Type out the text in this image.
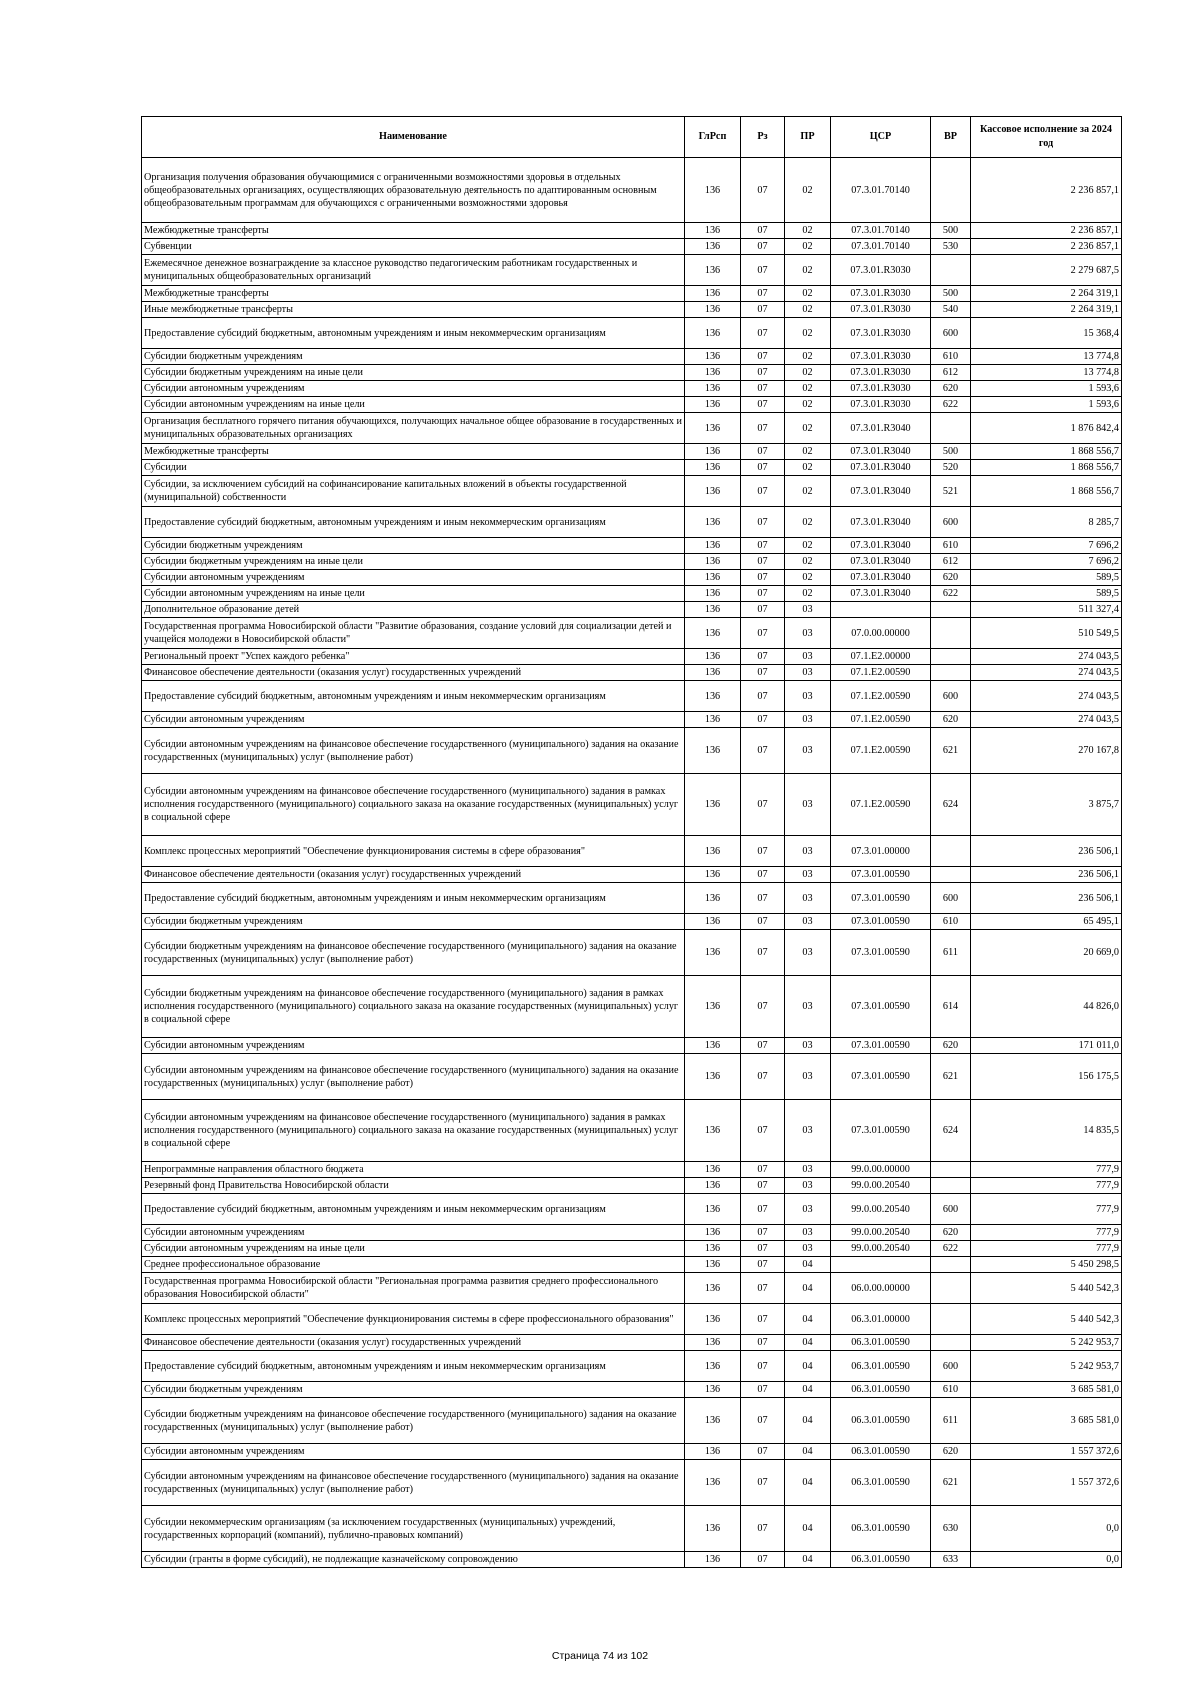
Наименование	ГлРсп	Рз	ПР	ЦСР	ВР	Кассовое исполнение за 2024 год
Организация получения образования обучающимися с ограниченными возможностями здоровья в отдельных общеобразовательных организациях, осуществляющих образовательную деятельность по адаптированным основным общеобразовательным программам для обучающихся с ограниченными возможностями здоровья	136	07	02	07.3.01.70140		2 236 857,1
Межбюджетные трансферты	136	07	02	07.3.01.70140	500	2 236 857,1
Субвенции	136	07	02	07.3.01.70140	530	2 236 857,1
Ежемесячное денежное вознаграждение за классное руководство педагогическим работникам государственных и муниципальных общеобразовательных организаций	136	07	02	07.3.01.R3030		2 279 687,5
Межбюджетные трансферты	136	07	02	07.3.01.R3030	500	2 264 319,1
Иные межбюджетные трансферты	136	07	02	07.3.01.R3030	540	2 264 319,1
Предоставление субсидий бюджетным, автономным учреждениям и иным некоммерческим организациям	136	07	02	07.3.01.R3030	600	15 368,4
Субсидии бюджетным учреждениям	136	07	02	07.3.01.R3030	610	13 774,8
Субсидии бюджетным учреждениям на иные цели	136	07	02	07.3.01.R3030	612	13 774,8
Субсидии автономным учреждениям	136	07	02	07.3.01.R3030	620	1 593,6
Субсидии автономным учреждениям на иные цели	136	07	02	07.3.01.R3030	622	1 593,6
Организация бесплатного горячего питания обучающихся, получающих начальное общее образование в государственных и муниципальных образовательных организациях	136	07	02	07.3.01.R3040		1 876 842,4
Межбюджетные трансферты	136	07	02	07.3.01.R3040	500	1 868 556,7
Субсидии	136	07	02	07.3.01.R3040	520	1 868 556,7
Субсидии, за исключением субсидий на софинансирование капитальных вложений в объекты государственной (муниципальной) собственности	136	07	02	07.3.01.R3040	521	1 868 556,7
Предоставление субсидий бюджетным, автономным учреждениям и иным некоммерческим организациям	136	07	02	07.3.01.R3040	600	8 285,7
Субсидии бюджетным учреждениям	136	07	02	07.3.01.R3040	610	7 696,2
Субсидии бюджетным учреждениям на иные цели	136	07	02	07.3.01.R3040	612	7 696,2
Субсидии автономным учреждениям	136	07	02	07.3.01.R3040	620	589,5
Субсидии автономным учреждениям на иные цели	136	07	02	07.3.01.R3040	622	589,5
Дополнительное образование детей	136	07	03			511 327,4
Государственная программа Новосибирской области "Развитие образования, создание условий для социализации детей и учащейся молодежи в Новосибирской области"	136	07	03	07.0.00.00000		510 549,5
Региональный проект "Успех каждого ребенка"	136	07	03	07.1.E2.00000		274 043,5
Финансовое обеспечение деятельности (оказания услуг) государственных учреждений	136	07	03	07.1.E2.00590		274 043,5
Предоставление субсидий бюджетным, автономным учреждениям и иным некоммерческим организациям	136	07	03	07.1.E2.00590	600	274 043,5
Субсидии автономным учреждениям	136	07	03	07.1.E2.00590	620	274 043,5
Субсидии автономным учреждениям на финансовое обеспечение государственного (муниципального) задания на оказание государственных (муниципальных) услуг (выполнение работ)	136	07	03	07.1.E2.00590	621	270 167,8
Субсидии автономным учреждениям на финансовое обеспечение государственного (муниципального) задания в рамках исполнения государственного (муниципального) социального заказа на оказание государственных (муниципальных) услуг в социальной сфере	136	07	03	07.1.E2.00590	624	3 875,7
Комплекс процессных мероприятий "Обеспечение функционирования системы в сфере образования"	136	07	03	07.3.01.00000		236 506,1
Финансовое обеспечение деятельности (оказания услуг) государственных учреждений	136	07	03	07.3.01.00590		236 506,1
Предоставление субсидий бюджетным, автономным учреждениям и иным некоммерческим организациям	136	07	03	07.3.01.00590	600	236 506,1
Субсидии бюджетным учреждениям	136	07	03	07.3.01.00590	610	65 495,1
Субсидии бюджетным учреждениям на финансовое обеспечение государственного (муниципального) задания на оказание государственных (муниципальных) услуг (выполнение работ)	136	07	03	07.3.01.00590	611	20 669,0
Субсидии бюджетным учреждениям на финансовое обеспечение государственного (муниципального) задания в рамках исполнения государственного (муниципального) социального заказа на оказание государственных (муниципальных) услуг в социальной сфере	136	07	03	07.3.01.00590	614	44 826,0
Субсидии автономным учреждениям	136	07	03	07.3.01.00590	620	171 011,0
Субсидии автономным учреждениям на финансовое обеспечение государственного (муниципального) задания на оказание государственных (муниципальных) услуг (выполнение работ)	136	07	03	07.3.01.00590	621	156 175,5
Субсидии автономным учреждениям на финансовое обеспечение государственного (муниципального) задания в рамках исполнения государственного (муниципального) социального заказа на оказание государственных (муниципальных) услуг в социальной сфере	136	07	03	07.3.01.00590	624	14 835,5
Непрограммные направления областного бюджета	136	07	03	99.0.00.00000		777,9
Резервный фонд Правительства Новосибирской области	136	07	03	99.0.00.20540		777,9
Предоставление субсидий бюджетным, автономным учреждениям и иным некоммерческим организациям	136	07	03	99.0.00.20540	600	777,9
Субсидии автономным учреждениям	136	07	03	99.0.00.20540	620	777,9
Субсидии автономным учреждениям на иные цели	136	07	03	99.0.00.20540	622	777,9
Среднее профессиональное образование	136	07	04			5 450 298,5
Государственная программа Новосибирской области "Региональная программа развития среднего профессионального образования Новосибирской области"	136	07	04	06.0.00.00000		5 440 542,3
Комплекс процессных мероприятий "Обеспечение функционирования системы в сфере профессионального образования"	136	07	04	06.3.01.00000		5 440 542,3
Финансовое обеспечение деятельности (оказания услуг) государственных учреждений	136	07	04	06.3.01.00590		5 242 953,7
Предоставление субсидий бюджетным, автономным учреждениям и иным некоммерческим организациям	136	07	04	06.3.01.00590	600	5 242 953,7
Субсидии бюджетным учреждениям	136	07	04	06.3.01.00590	610	3 685 581,0
Субсидии бюджетным учреждениям на финансовое обеспечение государственного (муниципального) задания на оказание государственных (муниципальных) услуг (выполнение работ)	136	07	04	06.3.01.00590	611	3 685 581,0
Субсидии автономным учреждениям	136	07	04	06.3.01.00590	620	1 557 372,6
Субсидии автономным учреждениям на финансовое обеспечение государственного (муниципального) задания на оказание государственных (муниципальных) услуг (выполнение работ)	136	07	04	06.3.01.00590	621	1 557 372,6
Субсидии некоммерческим организациям (за исключением государственных (муниципальных) учреждений, государственных корпораций (компаний), публично-правовых компаний)	136	07	04	06.3.01.00590	630	0,0
Субсидии (гранты в форме субсидий), не подлежащие казначейскому сопровождению	136	07	04	06.3.01.00590	633	0,0
Страница 74 из 102
